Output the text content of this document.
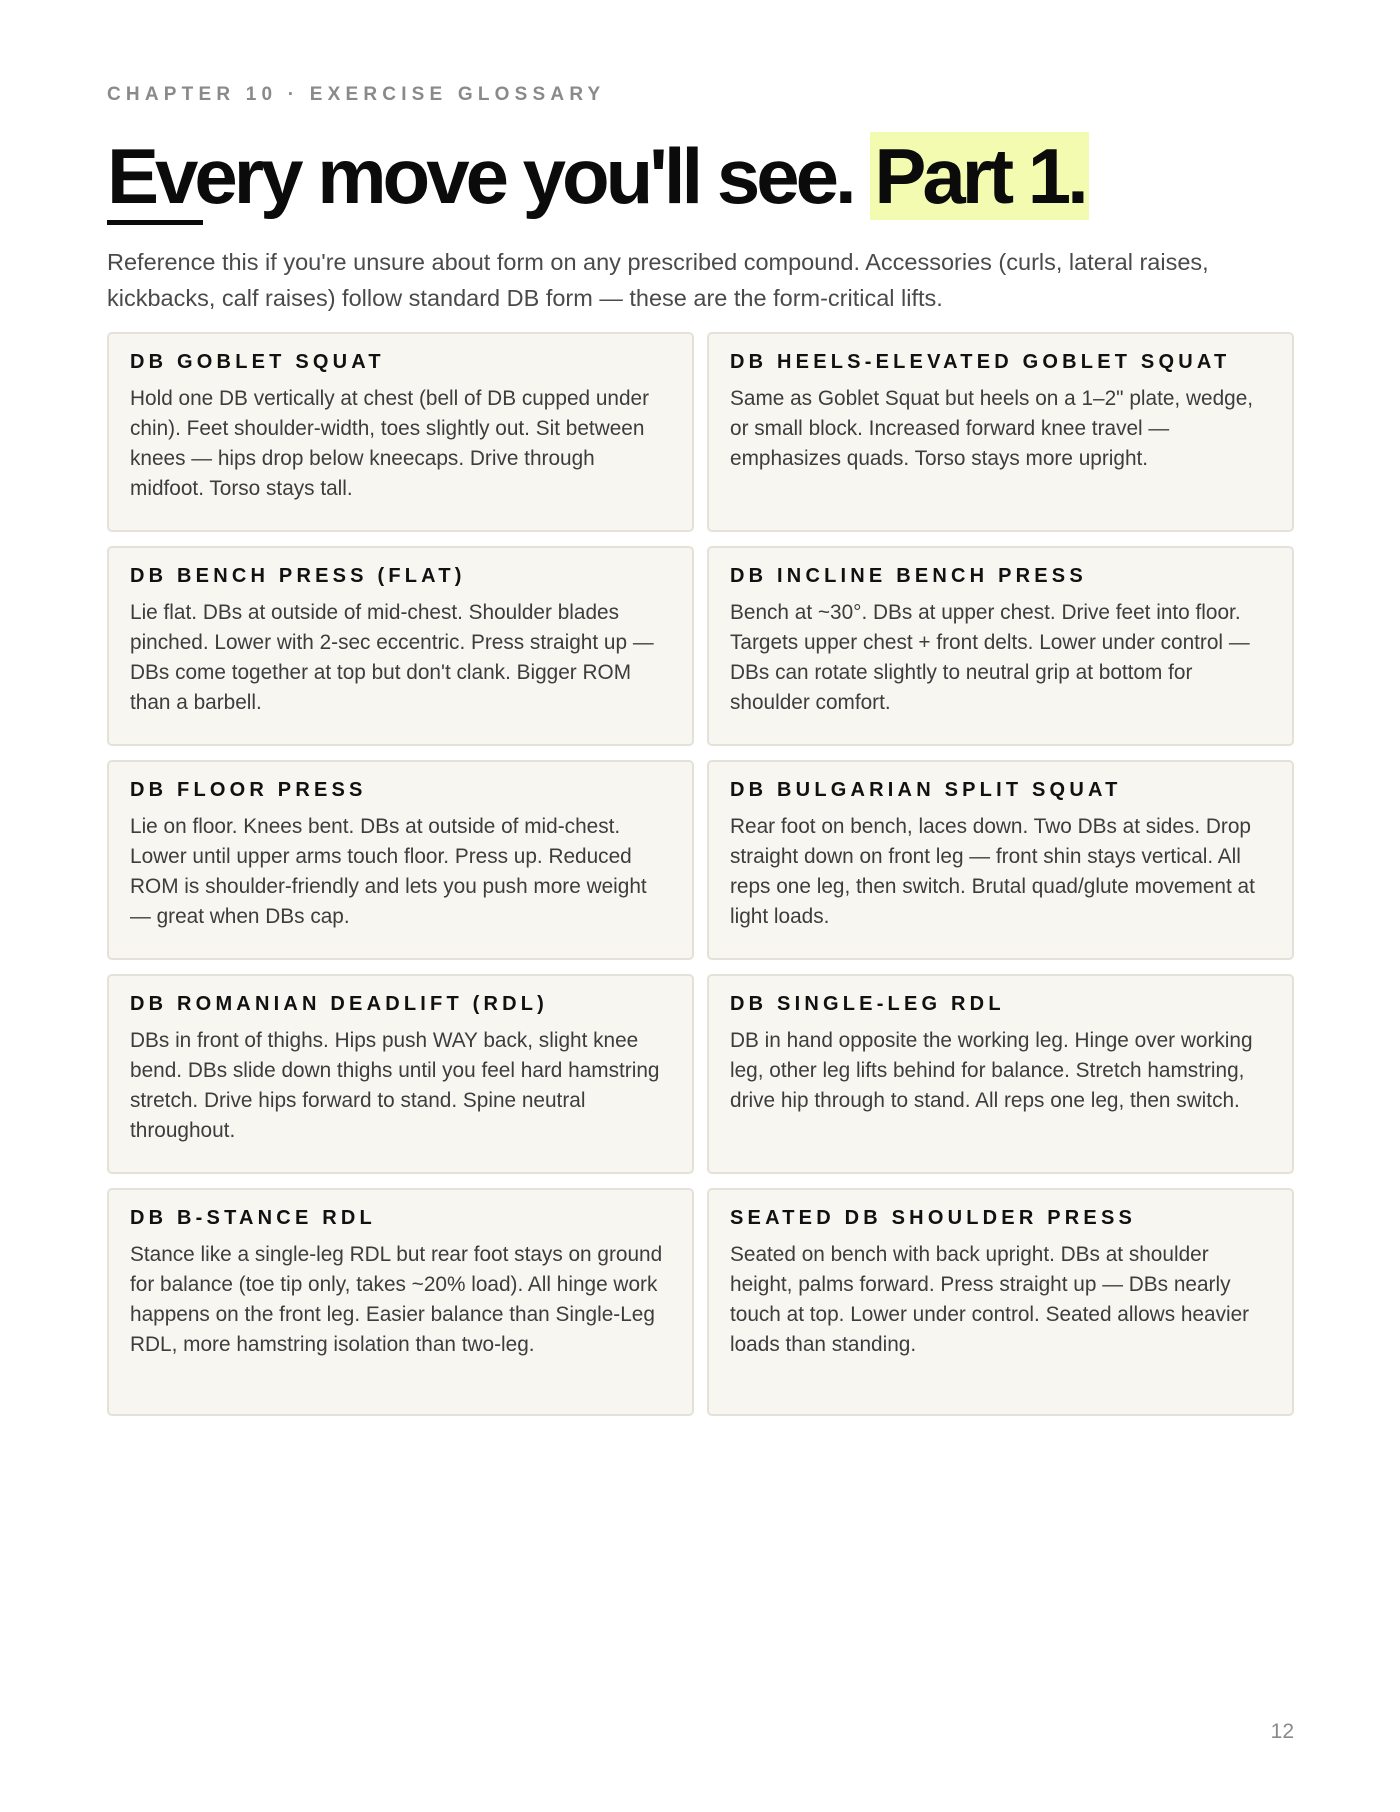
CHAPTER 10 · EXERCISE GLOSSARY
Every move you'll see. Part 1.

Reference this if you're unsure about form on any prescribed compound. Accessories (curls, lateral raises, kickbacks, calf raises) follow standard DB form — these are the form-critical lifts.

DB GOBLET SQUAT

Hold one DB vertically at chest (bell of DB cupped under chin). Feet shoulder-width, toes slightly out. Sit between knees — hips drop below kneecaps. Drive through midfoot. Torso stays tall.

DB HEELS-ELEVATED GOBLET SQUAT

Same as Goblet Squat but heels on a 1–2" plate, wedge, or small block. Increased forward knee travel — emphasizes quads. Torso stays more upright.

DB BENCH PRESS (FLAT)

Lie flat. DBs at outside of mid-chest. Shoulder blades pinched. Lower with 2-sec eccentric. Press straight up — DBs come together at top but don't clank. Bigger ROM than a barbell.

DB INCLINE BENCH PRESS

Bench at ~30°. DBs at upper chest. Drive feet into floor. Targets upper chest + front delts. Lower under control — DBs can rotate slightly to neutral grip at bottom for shoulder comfort.

DB FLOOR PRESS

Lie on floor. Knees bent. DBs at outside of mid-chest. Lower until upper arms touch floor. Press up. Reduced ROM is shoulder-friendly and lets you push more weight — great when DBs cap.

DB BULGARIAN SPLIT SQUAT

Rear foot on bench, laces down. Two DBs at sides. Drop straight down on front leg — front shin stays vertical. All reps one leg, then switch. Brutal quad/glute movement at light loads.

DB ROMANIAN DEADLIFT (RDL)

DBs in front of thighs. Hips push WAY back, slight knee bend. DBs slide down thighs until you feel hard hamstring stretch. Drive hips forward to stand. Spine neutral throughout.

DB SINGLE-LEG RDL

DB in hand opposite the working leg. Hinge over working leg, other leg lifts behind for balance. Stretch hamstring, drive hip through to stand. All reps one leg, then switch.

DB B-STANCE RDL

Stance like a single-leg RDL but rear foot stays on ground for balance (toe tip only, takes ~20% load). All hinge work happens on the front leg. Easier balance than Single-Leg RDL, more hamstring isolation than two-leg.

SEATED DB SHOULDER PRESS

Seated on bench with back upright. DBs at shoulder height, palms forward. Press straight up — DBs nearly touch at top. Lower under control. Seated allows heavier loads than standing.

12
